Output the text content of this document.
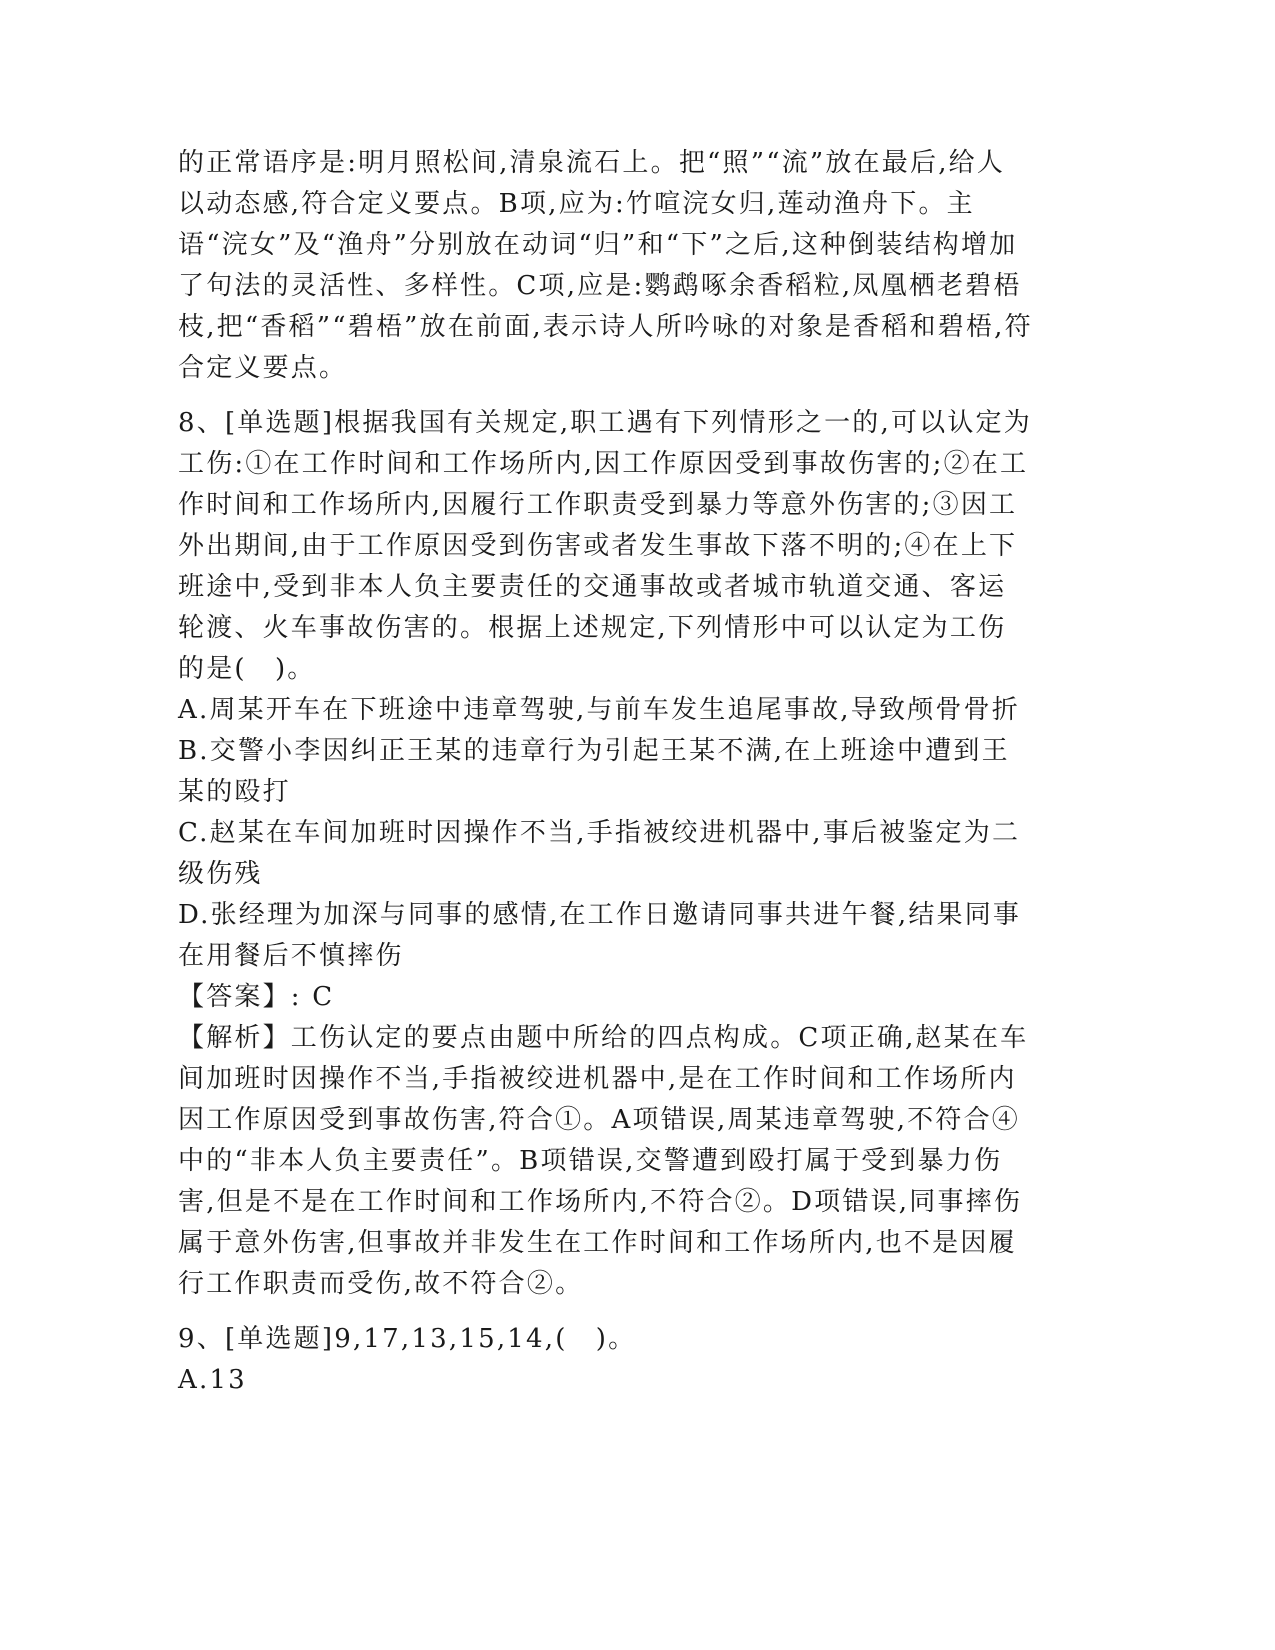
的正常语序是:明月照松间,清泉流石上。把“照”“流”放在最后,给人以动态感,符合定义要点。B项,应为:竹喧浣女归,莲动渔舟下。主语“浣女”及“渔舟”分别放在动词“归”和“下”之后,这种倒装结构增加了句法的灵活性、多样性。C项,应是:鹦鹉啄余香稻粒,凤凰栖老碧梧枝,把“香稻”“碧梧”放在前面,表示诗人所吟咏的对象是香稻和碧梧,符合定义要点。

8、[单选题]根据我国有关规定,职工遇有下列情形之一的,可以认定为工伤:①在工作时间和工作场所内,因工作原因受到事故伤害的;②在工作时间和工作场所内,因履行工作职责受到暴力等意外伤害的;③因工外出期间,由于工作原因受到伤害或者发生事故下落不明的;④在上下班途中,受到非本人负主要责任的交通事故或者城市轨道交通、客运轮渡、火车事故伤害的。根据上述规定,下列情形中可以认定为工伤的是(　)。

A.周某开车在下班途中违章驾驶,与前车发生追尾事故,导致颅骨骨折

B.交警小李因纠正王某的违章行为引起王某不满,在上班途中遭到王某的殴打

C.赵某在车间加班时因操作不当,手指被绞进机器中,事后被鉴定为二级伤残

D.张经理为加深与同事的感情,在工作日邀请同事共进午餐,结果同事在用餐后不慎摔伤

【答案】: C

【解析】工伤认定的要点由题中所给的四点构成。C项正确,赵某在车间加班时因操作不当,手指被绞进机器中,是在工作时间和工作场所内因工作原因受到事故伤害,符合①。A项错误,周某违章驾驶,不符合④中的“非本人负主要责任”。B项错误,交警遭到殴打属于受到暴力伤害,但是不是在工作时间和工作场所内,不符合②。D项错误,同事摔伤属于意外伤害,但事故并非发生在工作时间和工作场所内,也不是因履行工作职责而受伤,故不符合②。

9、[单选题]9,17,13,15,14,(　)。

A.13
